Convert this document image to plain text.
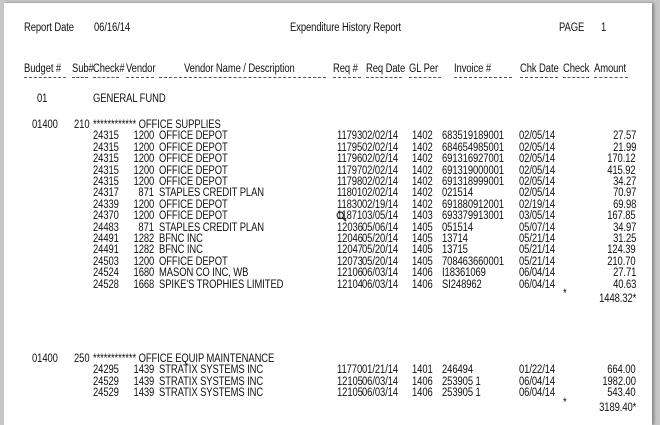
Report Date 06/16/14	Expenditure History Report	PAGE 1
Budget # Sub# Check# Vendor Vendor Name / Description	Req # Req Date GL Per Invoice #	Chk Date Check Amount
01	GENERAL FUND
01400 210 ************ OFFICE SUPPLIES
24315 1200 OFFICE DEPOT	11793 02/02/14 1402 683519189001 02/05/14	27.57
24315 1200 OFFICE DEPOT	11795 02/02/14 1402 684654985001 02/05/14	21.99
24315 1200 OFFICE DEPOT	11796 02/02/14 1402 691316927001 02/05/14	170.12
24315 1200 OFFICE DEPOT	11797 02/02/14 1402 691319000001 02/05/14	415.92
24315 1200 OFFICE DEPOT	11798 02/02/14 1402 691318999001 02/05/14	34.27
24317 871 STAPLES CREDIT PLAN	11801 02/02/14 1402 021514	02/05/14	70.97
24339 1200 OFFICE DEPOT	11830 02/19/14 1402 691880912001 02/19/14	69.98
24370 1200 OFFICE DEPOT	11871 03/05/14 1403 693379913001 03/05/14	167.85
24483 871 STAPLES CREDIT PLAN	12036 05/06/14 1405 051514	05/07/14	34.97
24491 1282 BFNC INC	12046 05/20/14 1405 13714	05/21/14	31.25
24491 1282 BFNC INC	12047 05/20/14 1405 13715	05/21/14	124.39
24503 1200 OFFICE DEPOT	12073 05/20/14 1405 708463660001 05/21/14	210.70
24524 1680 MASON CO INC, WB	12106 06/03/14 1406 I18361069	06/04/14	27.71
24528 1668 SPIKE'S TROPHIES LIMITED	12104 06/03/14 1406 SI248962	06/04/14	40.63
*	1448.32*
01400 250 ************ OFFICE EQUIP MAINTENANCE
24295 1439 STRATIX SYSTEMS INC	11770 01/21/14 1401 246494	01/22/14	664.00
24529 1439 STRATIX SYSTEMS INC	12105 06/03/14 1406 253905 1	06/04/14	1982.00
24529 1439 STRATIX SYSTEMS INC	12105 06/03/14 1406 253905 1	06/04/14	543.40
*	3189.40*
